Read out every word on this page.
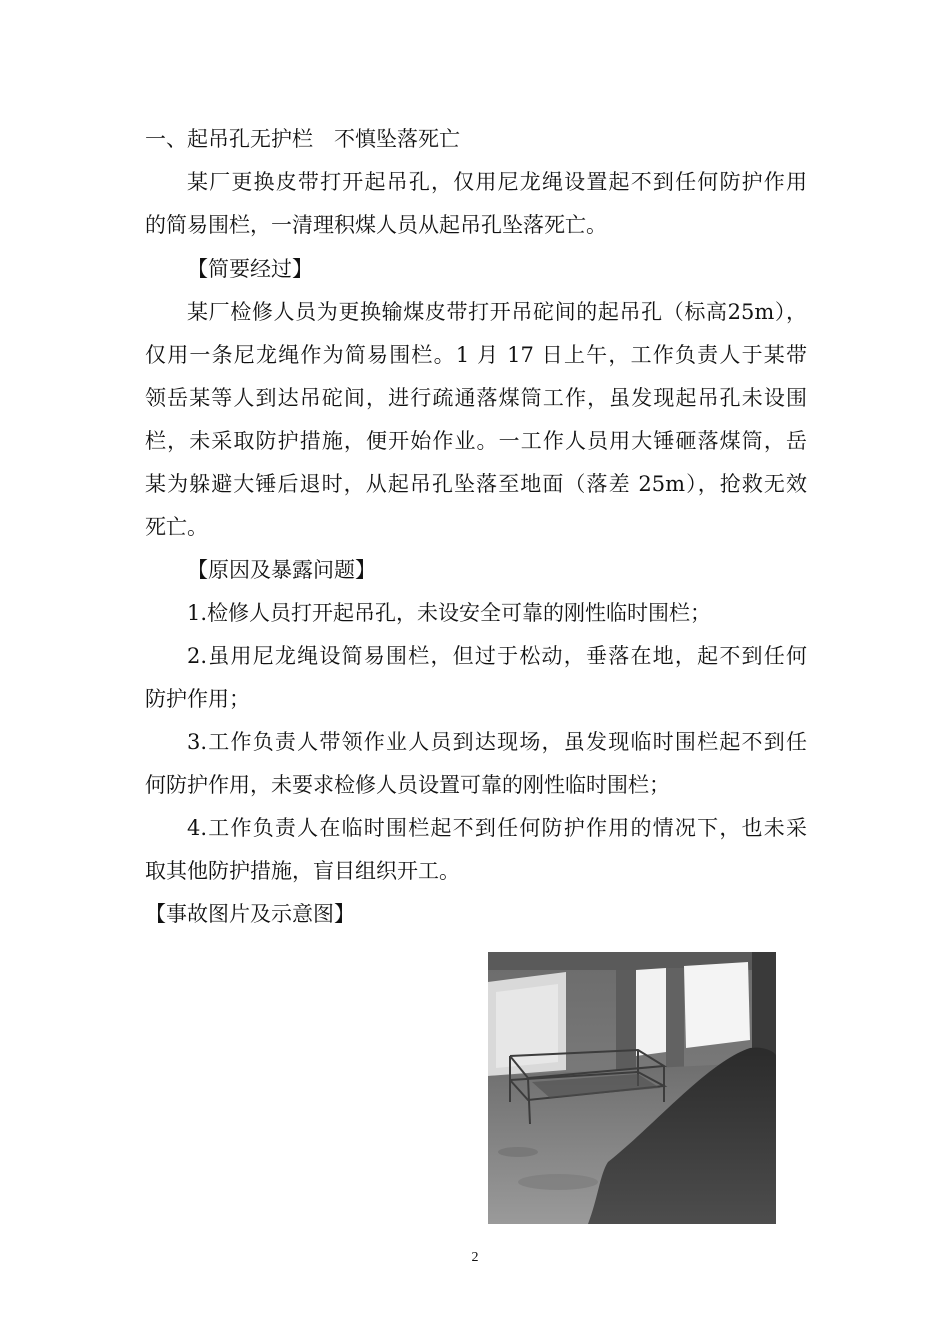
一、起吊孔无护栏　不慎坠落死亡
某厂更换皮带打开起吊孔，仅用尼龙绳设置起不到任何防护作用
的简易围栏，一清理积煤人员从起吊孔坠落死亡。
【简要经过】
某厂检修人员为更换输煤皮带打开吊砣间的起吊孔（标高25m），
仅用一条尼龙绳作为简易围栏。1 月 17 日上午，工作负责人于某带
领岳某等人到达吊砣间，进行疏通落煤筒工作，虽发现起吊孔未设围
栏，未采取防护措施，便开始作业。一工作人员用大锤砸落煤筒，岳
某为躲避大锤后退时，从起吊孔坠落至地面（落差 25m），抢救无效
死亡。
【原因及暴露问题】
1.检修人员打开起吊孔，未设安全可靠的刚性临时围栏；
2.虽用尼龙绳设简易围栏，但过于松动，垂落在地，起不到任何
防护作用；
3.工作负责人带领作业人员到达现场，虽发现临时围栏起不到任
何防护作用，未要求检修人员设置可靠的刚性临时围栏；
4.工作负责人在临时围栏起不到任何防护作用的情况下，也未采
取其他防护措施，盲目组织开工。
【事故图片及示意图】
2
